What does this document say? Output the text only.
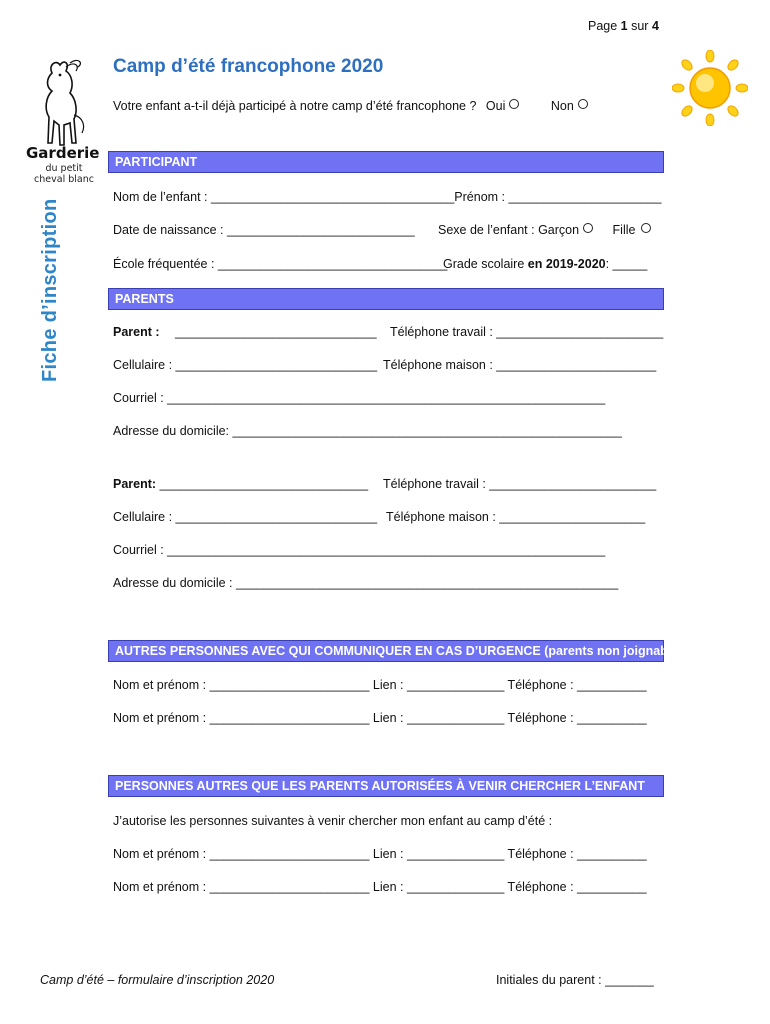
Page 1 sur 4
Garderie
du petit
cheval blanc
Fiche d’inscription
Camp d’été francophone 2020
Votre enfant a-t-il déjà participé à notre camp d’été francophone ? Oui	Non
PARTICIPANT
Nom de l’enfant : ___________________________________Prénom : ______________________
Date de naissance : ___________________________ Sexe de l’enfant : Garçon	Fille
École fréquentée : _________________________________
Grade scolaire en 2019-2020: _____
PARENTS
Parent : _____________________________ Téléphone travail : ________________________
Cellulaire : _____________________________ Téléphone maison : _______________________
Courriel : _______________________________________________________________
Adresse du domicile: ________________________________________________________
Parent: ______________________________ Téléphone travail : ________________________
Cellulaire : _____________________________ Téléphone maison : _____________________
Courriel : _______________________________________________________________
Adresse du domicile : _______________________________________________________
AUTRES PERSONNES AVEC QUI COMMUNIQUER EN CAS D’URGENCE (parents non joignables)
Nom et prénom : _______________________ Lien : ______________ Téléphone : __________
Nom et prénom : _______________________ Lien : ______________ Téléphone : __________
PERSONNES AUTRES QUE LES PARENTS AUTORISÉES À VENIR CHERCHER L’ENFANT
J’autorise les personnes suivantes à venir chercher mon enfant au camp d’été :
Nom et prénom : _______________________ Lien : ______________ Téléphone : __________
Nom et prénom : _______________________ Lien : ______________ Téléphone : __________
Camp d’été – formulaire d’inscription 2020	Initiales du parent : _______
